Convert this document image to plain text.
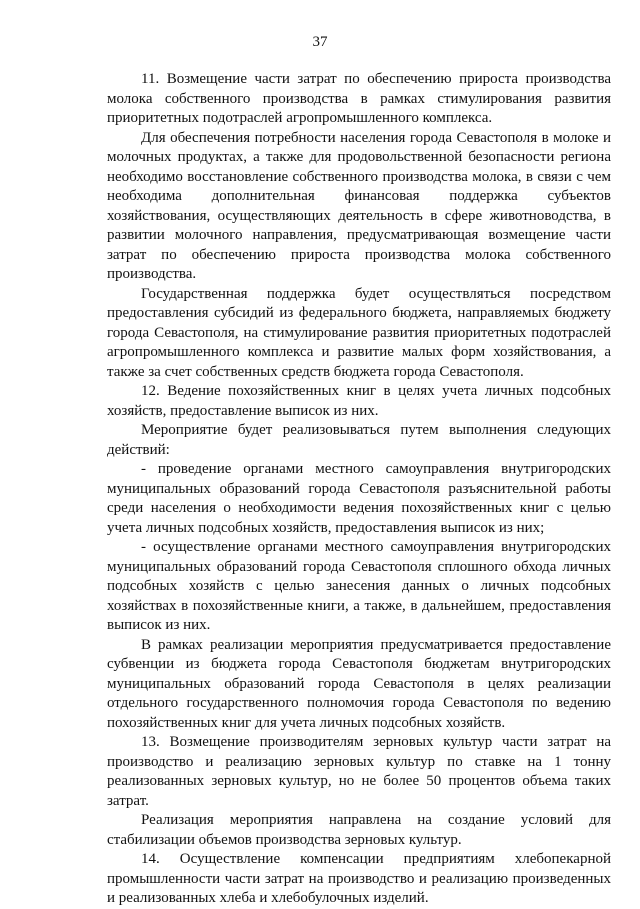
37

11. Возмещение части затрат по обеспечению прироста производства молока собственного производства в рамках стимулирования развития приоритетных подотраслей агропромышленного комплекса.

Для обеспечения потребности населения города Севастополя в молоке и молочных продуктах, а также для продовольственной безопасности региона необходимо восстановление собственного производства молока, в связи с чем необходима дополнительная финансовая поддержка субъектов хозяйствования, осуществляющих деятельность в сфере животноводства, в развитии молочного направления, предусматривающая возмещение части затрат по обеспечению прироста производства молока собственного производства.

Государственная поддержка будет осуществляться посредством предоставления субсидий из федерального бюджета, направляемых бюджету города Севастополя, на стимулирование развития приоритетных подотраслей агропромышленного комплекса и развитие малых форм хозяйствования, а также за счет собственных средств бюджета города Севастополя.

12. Ведение похозяйственных книг в целях учета личных подсобных хозяйств, предоставление выписок из них.

Мероприятие будет реализовываться путем выполнения следующих действий:

- проведение органами местного самоуправления внутригородских муниципальных образований города Севастополя разъяснительной работы среди населения о необходимости ведения похозяйственных книг с целью учета личных подсобных хозяйств, предоставления выписок из них;

- осуществление органами местного самоуправления внутригородских муниципальных образований города Севастополя сплошного обхода личных подсобных хозяйств с целью занесения данных о личных подсобных хозяйствах в похозяйственные книги, а также, в дальнейшем, предоставления выписок из них.

В рамках реализации мероприятия предусматривается предоставление субвенции из бюджета города Севастополя бюджетам внутригородских муниципальных образований города Севастополя в целях реализации отдельного государственного полномочия города Севастополя по ведению похозяйственных книг для учета личных подсобных хозяйств.

13. Возмещение производителям зерновых культур части затрат на производство и реализацию зерновых культур по ставке на 1 тонну реализованных зерновых культур, но не более 50 процентов объема таких затрат.

Реализация мероприятия направлена на создание условий для стабилизации объемов производства зерновых культур.

14. Осуществление компенсации предприятиям хлебопекарной промышленности части затрат на производство и реализацию произведенных и реализованных хлеба и хлебобулочных изделий.
